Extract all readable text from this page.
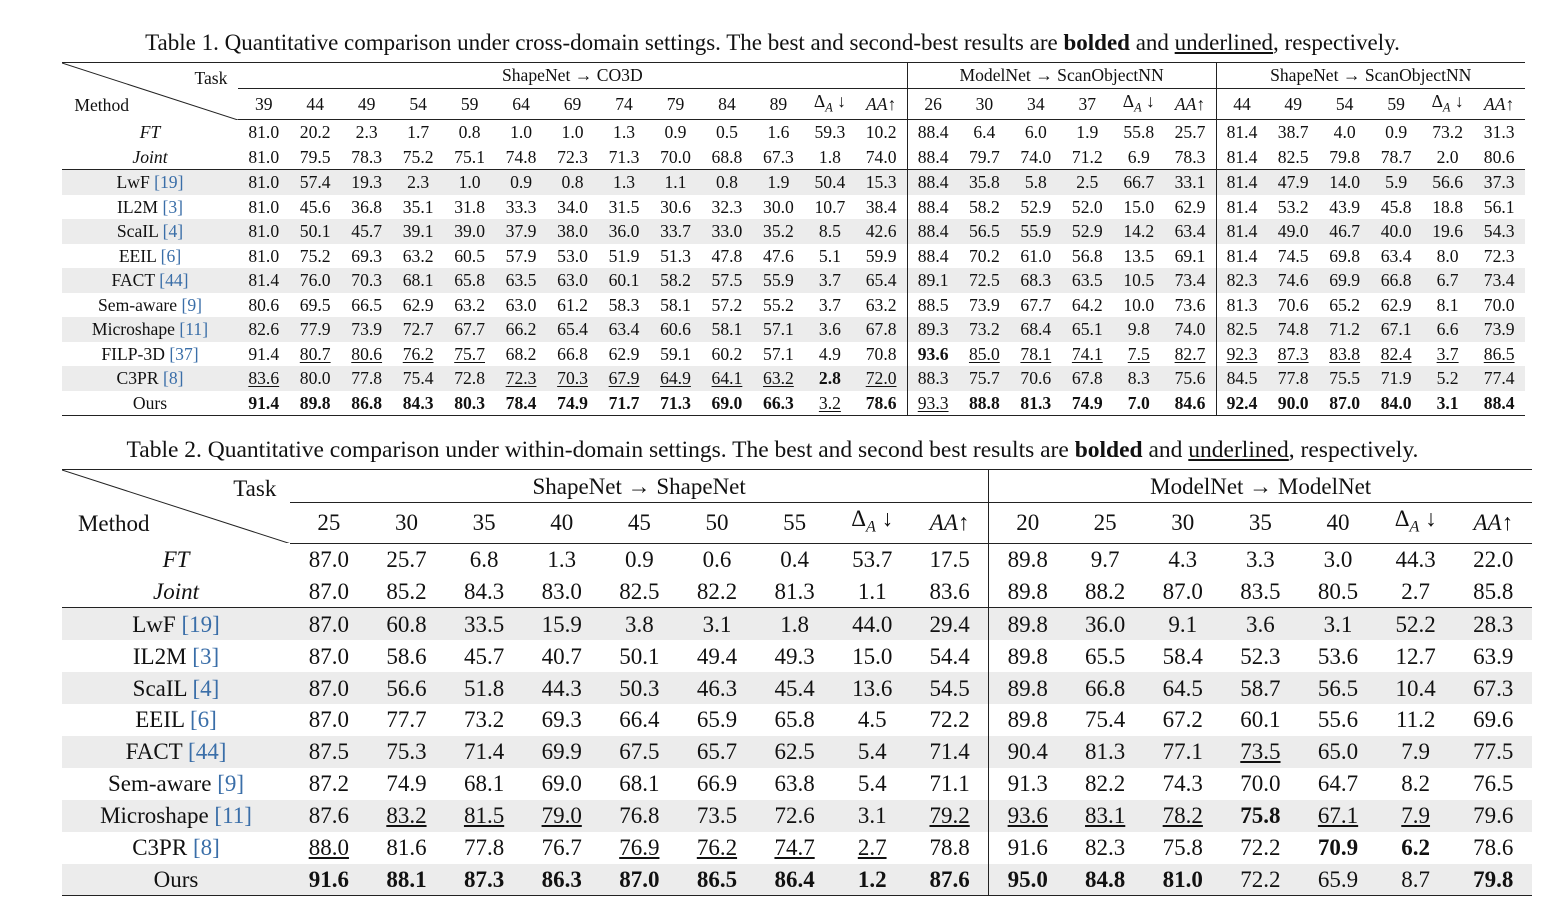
Table 1. Quantitative comparison under cross-domain settings. The best and second-best results are bolded and underlined, respectively.
Task
Method	ShapeNet → CO3D													ModelNet → ScanObjectNN						ShapeNet → ScanObjectNN					
	39	44	49	54	59	64	69	74	79	84	89	$\Delta_A$ ↓	AA↑	26	30	34	37	$\Delta_A$ ↓	AA↑	44	49	54	59	$\Delta_A$ ↓	AA↑
FT	81.0	20.2	2.3	1.7	0.8	1.0	1.0	1.3	0.9	0.5	1.6	59.3	10.2	88.4	6.4	6.0	1.9	55.8	25.7	81.4	38.7	4.0	0.9	73.2	31.3
Joint	81.0	79.5	78.3	75.2	75.1	74.8	72.3	71.3	70.0	68.8	67.3	1.8	74.0	88.4	79.7	74.0	71.2	6.9	78.3	81.4	82.5	79.8	78.7	2.0	80.6
LwF [19]	81.0	57.4	19.3	2.3	1.0	0.9	0.8	1.3	1.1	0.8	1.9	50.4	15.3	88.4	35.8	5.8	2.5	66.7	33.1	81.4	47.9	14.0	5.9	56.6	37.3
IL2M [3]	81.0	45.6	36.8	35.1	31.8	33.3	34.0	31.5	30.6	32.3	30.0	10.7	38.4	88.4	58.2	52.9	52.0	15.0	62.9	81.4	53.2	43.9	45.8	18.8	56.1
ScaIL [4]	81.0	50.1	45.7	39.1	39.0	37.9	38.0	36.0	33.7	33.0	35.2	8.5	42.6	88.4	56.5	55.9	52.9	14.2	63.4	81.4	49.0	46.7	40.0	19.6	54.3
EEIL [6]	81.0	75.2	69.3	63.2	60.5	57.9	53.0	51.9	51.3	47.8	47.6	5.1	59.9	88.4	70.2	61.0	56.8	13.5	69.1	81.4	74.5	69.8	63.4	8.0	72.3
FACT [44]	81.4	76.0	70.3	68.1	65.8	63.5	63.0	60.1	58.2	57.5	55.9	3.7	65.4	89.1	72.5	68.3	63.5	10.5	73.4	82.3	74.6	69.9	66.8	6.7	73.4
Sem-aware [9]	80.6	69.5	66.5	62.9	63.2	63.0	61.2	58.3	58.1	57.2	55.2	3.7	63.2	88.5	73.9	67.7	64.2	10.0	73.6	81.3	70.6	65.2	62.9	8.1	70.0
Microshape [11]	82.6	77.9	73.9	72.7	67.7	66.2	65.4	63.4	60.6	58.1	57.1	3.6	67.8	89.3	73.2	68.4	65.1	9.8	74.0	82.5	74.8	71.2	67.1	6.6	73.9
FILP-3D [37]	91.4	80.7	80.6	76.2	75.7	68.2	66.8	62.9	59.1	60.2	57.1	4.9	70.8	93.6	85.0	78.1	74.1	7.5	82.7	92.3	87.3	83.8	82.4	3.7	86.5
C3PR [8]	83.6	80.0	77.8	75.4	72.8	72.3	70.3	67.9	64.9	64.1	63.2	2.8	72.0	88.3	75.7	70.6	67.8	8.3	75.6	84.5	77.8	75.5	71.9	5.2	77.4
Ours	91.4	89.8	86.8	84.3	80.3	78.4	74.9	71.7	71.3	69.0	66.3	3.2	78.6	93.3	88.8	81.3	74.9	7.0	84.6	92.4	90.0	87.0	84.0	3.1	88.4
Table 2. Quantitative comparison under within-domain settings. The best and second best results are bolded and underlined, respectively.
Task
Method	ShapeNet → ShapeNet									ModelNet → ModelNet						
	25	30	35	40	45	50	55	$\Delta_A$ ↓	AA↑	20	25	30	35	40	$\Delta_A$ ↓	AA↑
FT	87.0	25.7	6.8	1.3	0.9	0.6	0.4	53.7	17.5	89.8	9.7	4.3	3.3	3.0	44.3	22.0
Joint	87.0	85.2	84.3	83.0	82.5	82.2	81.3	1.1	83.6	89.8	88.2	87.0	83.5	80.5	2.7	85.8
LwF [19]	87.0	60.8	33.5	15.9	3.8	3.1	1.8	44.0	29.4	89.8	36.0	9.1	3.6	3.1	52.2	28.3
IL2M [3]	87.0	58.6	45.7	40.7	50.1	49.4	49.3	15.0	54.4	89.8	65.5	58.4	52.3	53.6	12.7	63.9
ScaIL [4]	87.0	56.6	51.8	44.3	50.3	46.3	45.4	13.6	54.5	89.8	66.8	64.5	58.7	56.5	10.4	67.3
EEIL [6]	87.0	77.7	73.2	69.3	66.4	65.9	65.8	4.5	72.2	89.8	75.4	67.2	60.1	55.6	11.2	69.6
FACT [44]	87.5	75.3	71.4	69.9	67.5	65.7	62.5	5.4	71.4	90.4	81.3	77.1	73.5	65.0	7.9	77.5
Sem-aware [9]	87.2	74.9	68.1	69.0	68.1	66.9	63.8	5.4	71.1	91.3	82.2	74.3	70.0	64.7	8.2	76.5
Microshape [11]	87.6	83.2	81.5	79.0	76.8	73.5	72.6	3.1	79.2	93.6	83.1	78.2	75.8	67.1	7.9	79.6
C3PR [8]	88.0	81.6	77.8	76.7	76.9	76.2	74.7	2.7	78.8	91.6	82.3	75.8	72.2	70.9	6.2	78.6
Ours	91.6	88.1	87.3	86.3	87.0	86.5	86.4	1.2	87.6	95.0	84.8	81.0	72.2	65.9	8.7	79.8
